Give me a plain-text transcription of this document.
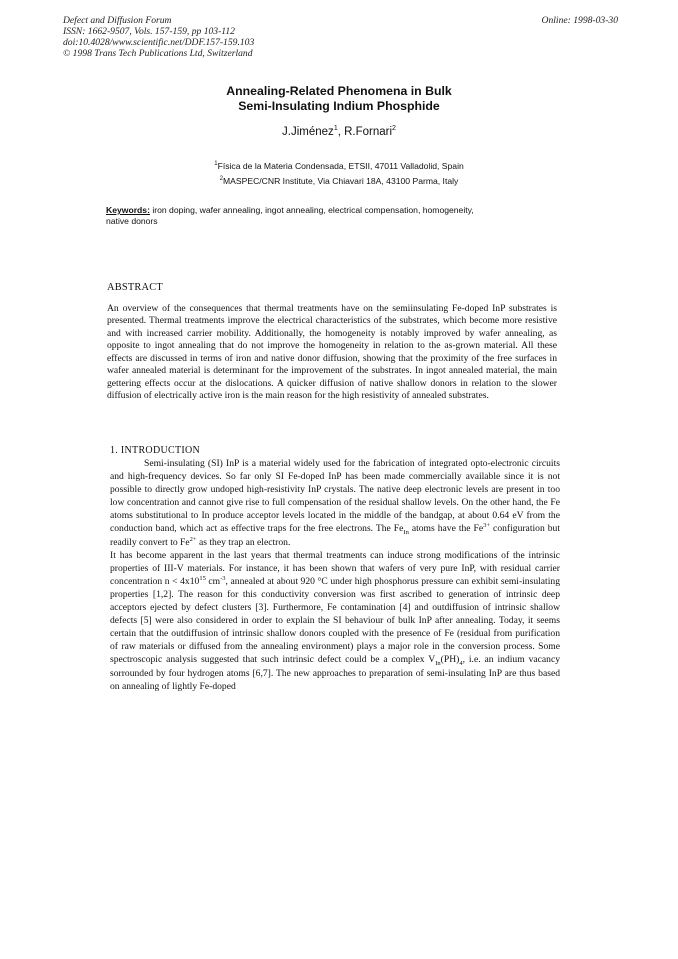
Defect and Diffusion Forum	Online: 1998-03-30
ISSN: 1662-9507, Vols. 157-159, pp 103-112
doi:10.4028/www.scientific.net/DDF.157-159.103
© 1998 Trans Tech Publications Ltd, Switzerland
Annealing-Related Phenomena in Bulk
Semi-Insulating Indium Phosphide
J.Jiménez$^1$, R.Fornari$^2$
$^1$Física de la Materia Condensada, ETSII, 47011 Valladolid, Spain
$^2$MASPEC/CNR Institute, Via Chiavari 18A, 43100 Parma, Italy
Keywords: iron doping, wafer annealing, ingot annealing, electrical compensation, homogeneity, native donors
ABSTRACT
An overview of the consequences that thermal treatments have on the semiinsulating Fe-doped InP substrates is presented. Thermal treatments improve the electrical characteristics of the substrates, which become more resistive and with increased carrier mobility. Additionally, the homogeneity is notably improved by wafer annealing, as opposite to ingot annealing that do not improve the homogeneity in relation to the as-grown material. All these effects are discussed in terms of iron and native donor diffusion, showing that the proximity of the free surfaces in wafer annealed material is determinant for the improvement of the substrates. In ingot annealed material, the main gettering effects occur at the dislocations. A quicker diffusion of native shallow donors in relation to the slower diffusion of electrically active iron is the main reason for the high resistivity of annealed substrates.
1. INTRODUCTION

Semi-insulating (SI) InP is a material widely used for the fabrication of integrated opto-electronic circuits and high-frequency devices. So far only SI Fe-doped InP has been made commercially available since it is not possible to directly grow undoped high-resistivity InP crystals. The native deep electronic levels are present in too low concentration and cannot give rise to full compensation of the residual shallow levels. On the other hand, the Fe atoms substitutional to In produce acceptor levels located in the middle of the bandgap, at about 0.64 eV from the conduction band, which act as effective traps for the free electrons. The $Fe_{In}$ atoms have the $Fe^{3+}$ configuration but readily convert to $Fe^{2+}$ as they trap an electron.

It has become apparent in the last years that thermal treatments can induce strong modifications of the intrinsic properties of III-V materials. For instance, it has been shown that wafers of very pure InP, with residual carrier concentration $n < 4x10^{15}$ $cm^{-3}$, annealed at about 920 °C under high phosphorus pressure can exhibit semi-insulating properties [1,2]. The reason for this conductivity conversion was first ascribed to generation of intrinsic deep acceptors ejected by defect clusters [3]. Furthermore, Fe contamination [4] and outdiffusion of intrinsic shallow defects [5] were also considered in order to explain the SI behaviour of bulk InP after annealing. Today, it seems certain that the outdiffusion of intrinsic shallow donors coupled with the presence of Fe (residual from purification of raw materials or diffused from the annealing environment) plays a major role in the conversion process. Some spectroscopic analysis suggested that such intrinsic defect could be a complex $V_{In}(PH)_4$, i.e. an indium vacancy sorrounded by four hydrogen atoms [6,7]. The new approaches to preparation of semi-insulating InP are thus based on annealing of lightly Fe-doped
